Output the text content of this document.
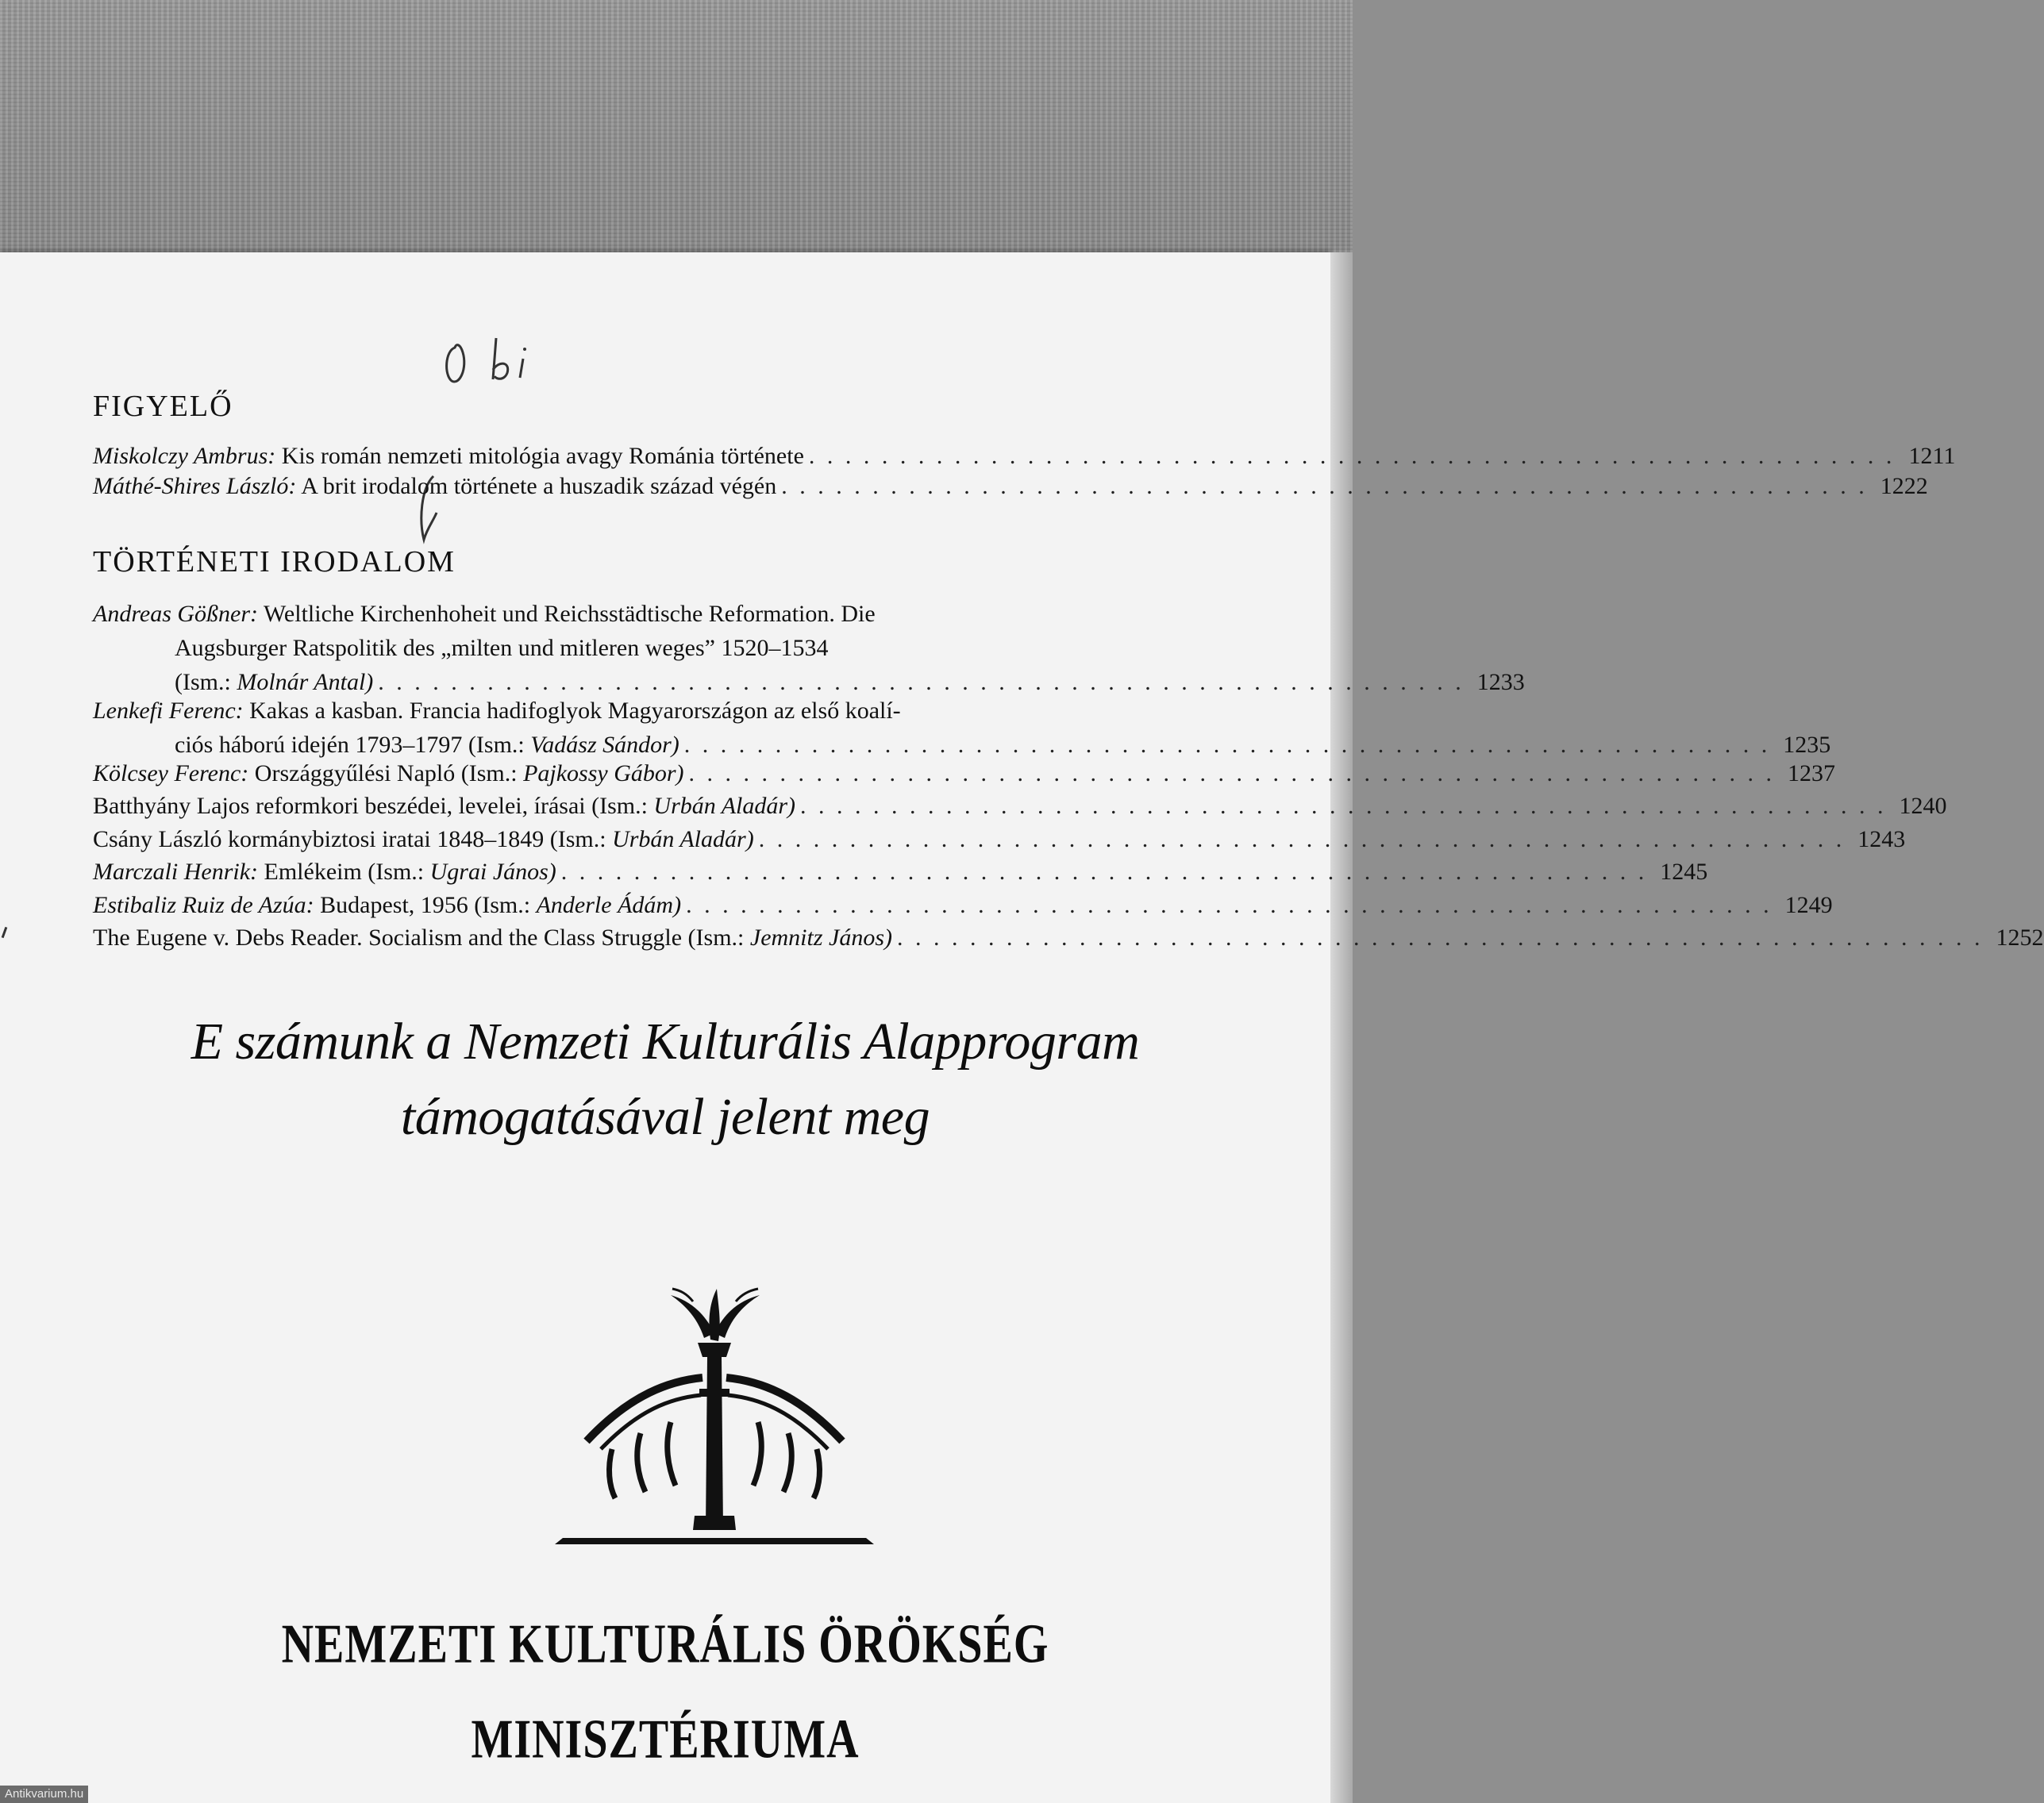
FIGYELŐ
Miskolczy Ambrus: Kis román nemzeti mitológia avagy Románia története . . . . . . . . . . . . . . . . . . . . . . . . . . . . . . . . . . . . . . . . . . . . . . . . . . . . . . . . . . . . 1211
Máthé-Shires László: A brit irodalom története a huszadik század végén . . . . . . . . . . . . . . . . . . . . . . . . . . . . . . . . . . . . . . . . . . . . . . . . . . . . . . . . . . . . 1222
TÖRTÉNETI IRODALOM
Andreas Gößner: Weltliche Kirchenhoheit und Reichsstädtische Reformation. Die
Augsburger Ratspolitik des „milten und mitleren weges” 1520–1534
(Ism.: Molnár Antal) . . . . . . . . . . . . . . . . . . . . . . . . . . . . . . . . . . . . . . . . . . . . . . . . . . . . . . . . . . . . 1233
Lenkefi Ferenc: Kakas a kasban. Francia hadifoglyok Magyarországon az első koalí-
ciós háború idején 1793–1797 (Ism.: Vadász Sándor) . . . . . . . . . . . . . . . . . . . . . . . . . . . . . . . . . . . . . . . . . . . . . . . . . . . . . . . . . . . . 1235
Kölcsey Ferenc: Országgyűlési Napló (Ism.: Pajkossy Gábor) . . . . . . . . . . . . . . . . . . . . . . . . . . . . . . . . . . . . . . . . . . . . . . . . . . . . . . . . . . . . 1237
Batthyány Lajos reformkori beszédei, levelei, írásai (Ism.: Urbán Aladár) . . . . . . . . . . . . . . . . . . . . . . . . . . . . . . . . . . . . . . . . . . . . . . . . . . . . . . . . . . . . 1240
Csány László kormánybiztosi iratai 1848–1849 (Ism.: Urbán Aladár) . . . . . . . . . . . . . . . . . . . . . . . . . . . . . . . . . . . . . . . . . . . . . . . . . . . . . . . . . . . . 1243
Marczali Henrik: Emlékeim (Ism.: Ugrai János) . . . . . . . . . . . . . . . . . . . . . . . . . . . . . . . . . . . . . . . . . . . . . . . . . . . . . . . . . . . . 1245
Estibaliz Ruiz de Azúa: Budapest, 1956 (Ism.: Anderle Ádám) . . . . . . . . . . . . . . . . . . . . . . . . . . . . . . . . . . . . . . . . . . . . . . . . . . . . . . . . . . . . 1249
The Eugene v. Debs Reader. Socialism and the Class Struggle (Ism.: Jemnitz János) . . . . . . . . . . . . . . . . . . . . . . . . . . . . . . . . . . . . . . . . . . . . . . . . . . . . . . . . . . . . 1252
E számunk a Nemzeti Kulturális Alapprogram
támogatásával jelent meg
NEMZETI KULTURÁLIS ÖRÖKSÉG
MINISZTÉRIUMA
Antikvarium.hu
